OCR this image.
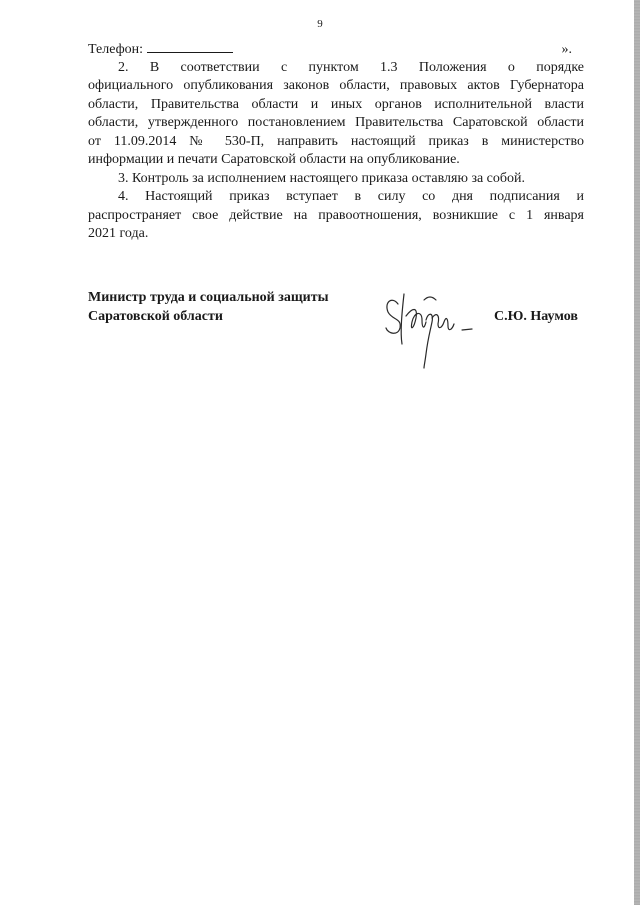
9
Телефон:	».
2. В соответствии с пунктом 1.3 Положения о порядке
официального опубликования законов области, правовых актов Губернатора
области, Правительства области и иных органов исполнительной власти
области, утвержденного постановлением Правительства Саратовской области
от 11.09.2014 № 530-П, направить настоящий приказ в министерство
информации и печати Саратовской области на опубликование.
3. Контроль за исполнением настоящего приказа оставляю за собой.
4. Настоящий приказ вступает в силу со дня подписания и
распространяет свое действие на правоотношения, возникшие с 1 января
2021 года.
Министр труда и социальной защиты
Саратовской области	С.Ю. Наумов
